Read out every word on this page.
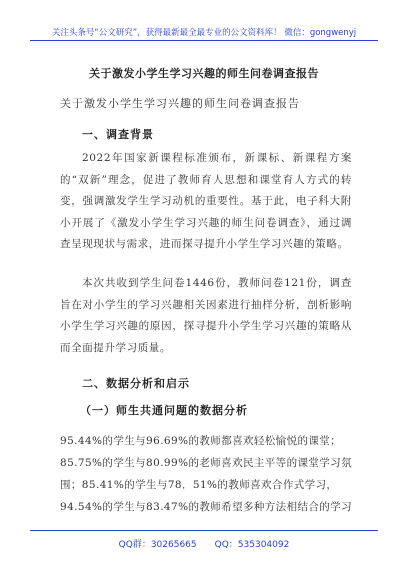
关注头条号“公文研究”，获得最新最全最专业的公文资料库！ 微信：gongwenyj
关于激发小学生学习兴趣的师生问卷调查报告
关于激发小学生学习兴趣的师生问卷调查报告
一、调查背景
2022年国家新课程标准颁布，新课标、新课程方案的“双新”理念，促进了教师育人思想和课堂育人方式的转变，强调激发学生学习动机的重要性。基于此，电子科大附小开展了《激发小学生学习兴趣的师生问卷调查》，通过调查呈现现状与需求，进而探寻提升小学生学习兴趣的策略。
本次共收到学生问卷1446份，教师问卷121份，调查旨在对小学生的学习兴趣相关因素进行抽样分析，剖析影响小学生学习兴趣的原因，探寻提升小学生学习兴趣的策略从而全面提升学习质量。
二、数据分析和启示
（一）师生共通问题的数据分析
95.44%的学生与96.69%的教师都喜欢轻松愉悦的课堂；
85.75%的学生与80.99%的老师喜欢民主平等的课堂学习氛
围；85.41%的学生与78．51%的教师喜欢合作式学习，
94.54%的学生与83.47%的教师希望多种方法相结合的学习
QQ群：30265665　　QQ：535304092
